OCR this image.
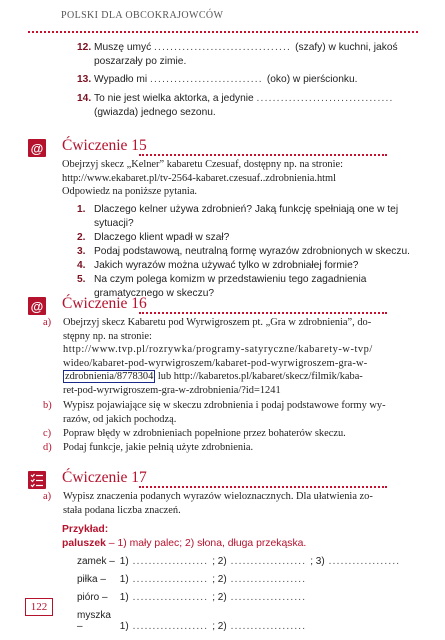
POLSKI DLA OBCOKRAJOWCÓW
12. Muszę umyć .................................. (szafy) w kuchni, jakoś
poszarzały po zimie.
13. Wypadło mi ............................ (oko) w pierścionku.
14. To nie jest wielka aktorka, a jedynie ..................................
(gwiazda) jednego sezonu.
@ Ćwiczenie 15
Obejrzyj skecz „Kelner” kabaretu Czesuaf, dostępny np. na stronie:
http://www.ekabaret.pl/tv-2564-kabaret.czesuaf..zdrobnienia.html
Odpowiedz na poniższe pytania.
1. Dlaczego kelner używa zdrobnień? Jaką funkcję spełniają one w tej
sytuacji?
2. Dlaczego klient wpadł w szał?
3. Podaj podstawową, neutralną formę wyrazów zdrobnionych w skeczu.
4. Jakich wyrazów można używać tylko w zdrobniałej formie?
5. Na czym polega komizm w przedstawieniu tego zagadnienia
gramatycznego w skeczu?
@ Ćwiczenie 16
a) Obejrzyj skecz Kabaretu pod Wyrwigroszem pt. „Gra w zdrobnienia”, do-
stępny np. na stronie:
http://www.tvp.pl/rozrywka/programy-satyryczne/kabarety-w-tvp/
wideo/kabaret-pod-wyrwigroszem/kabaret-pod-wyrwigroszem-gra-w-
zdrobnienia/8778304 lub http://kabaretos.pl/kabaret/skecz/filmik/kaba-
ret-pod-wyrwigroszem-gra-w-zdrobnienia/?id=1241
b) Wypisz pojawiające się w skeczu zdrobnienia i podaj podstawowe formy wy-
razów, od jakich pochodzą.
c) Popraw błędy w zdrobnieniach popełnione przez bohaterów skeczu.
d) Podaj funkcje, jakie pełnią użyte zdrobnienia.
Ćwiczenie 17
a) Wypisz znaczenia podanych wyrazów wieloznacznych. Dla ułatwienia zo-
stała podana liczba znaczeń.
Przykład:
paluszek – 1) mały palec; 2) słona, długa przekąska.
zamek – 1) ................... ; 2) ................... ; 3) ..................
piłka – 1) ................... ; 2) ...................
pióro – 1) ................... ; 2) ...................
myszka –	1) ................... ; 2) ...................
122
